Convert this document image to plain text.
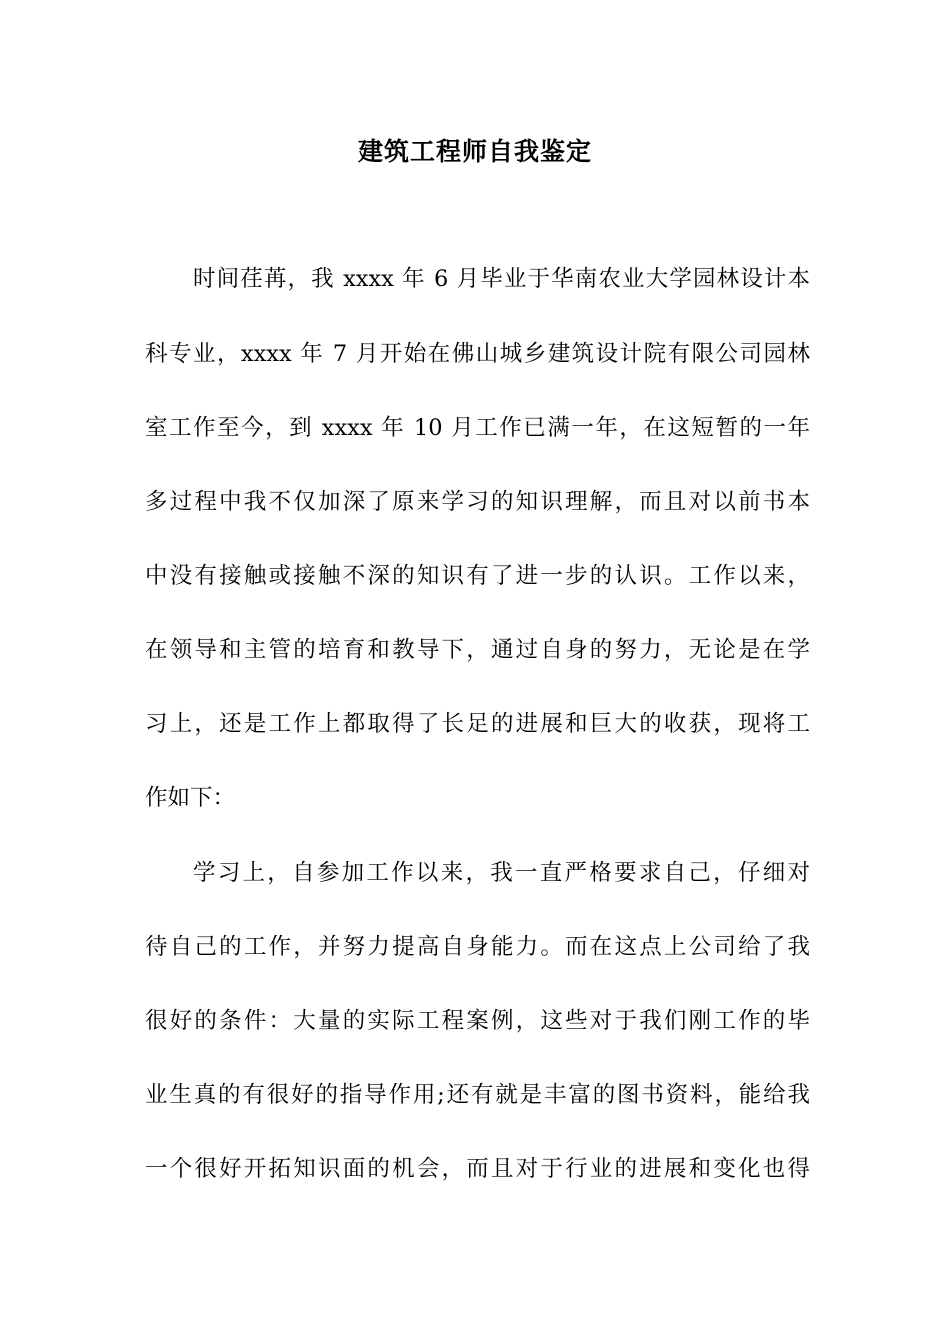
建筑工程师自我鉴定

时间荏苒，我 xxxx 年 6 月毕业于华南农业大学园林设计本

科专业，xxxx 年 7 月开始在佛山城乡建筑设计院有限公司园林

室工作至今，到 xxxx 年 10 月工作已满一年，在这短暂的一年

多过程中我不仅加深了原来学习的知识理解，而且对以前书本

中没有接触或接触不深的知识有了进一步的认识。工作以来，

在领导和主管的培育和教导下，通过自身的努力，无论是在学

习上，还是工作上都取得了长足的进展和巨大的收获，现将工

作如下：

学习上，自参加工作以来，我一直严格要求自己，仔细对

待自己的工作，并努力提高自身能力。而在这点上公司给了我

很好的条件：大量的实际工程案例，这些对于我们刚工作的毕

业生真的有很好的指导作用;还有就是丰富的图书资料，能给我

一个很好开拓知识面的机会，而且对于行业的进展和变化也得
